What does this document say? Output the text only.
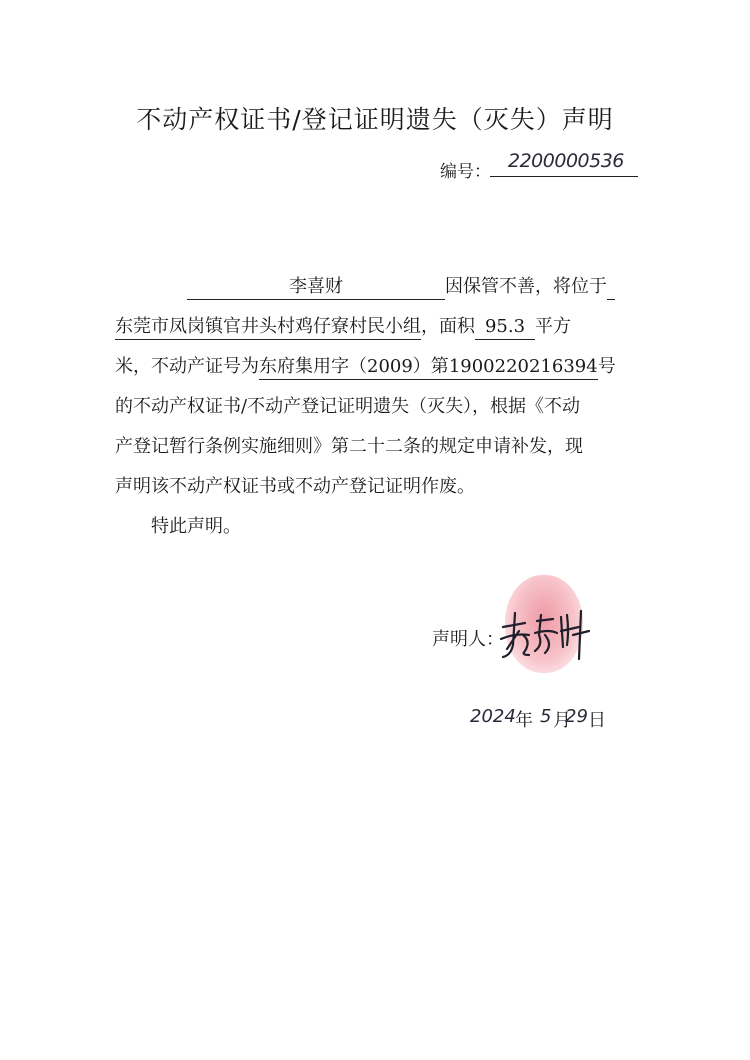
不动产权证书/登记证明遗失（灭失）声明
编号： 2200000536
李喜财	因保管不善，将位于
东莞市凤岗镇官井头村鸡仔寮村民小组，面积 95.3 平方
米，不动产证号为东府集用字（2009）第1900220216394号
的不动产权证书/不动产登记证明遗失（灭失），根据《不动
产登记暂行条例实施细则》第二十二条的规定申请补发，现
声明该不动产权证书或不动产登记证明作废。
特此声明。
声明人：
2024 年 5 月
29 日
